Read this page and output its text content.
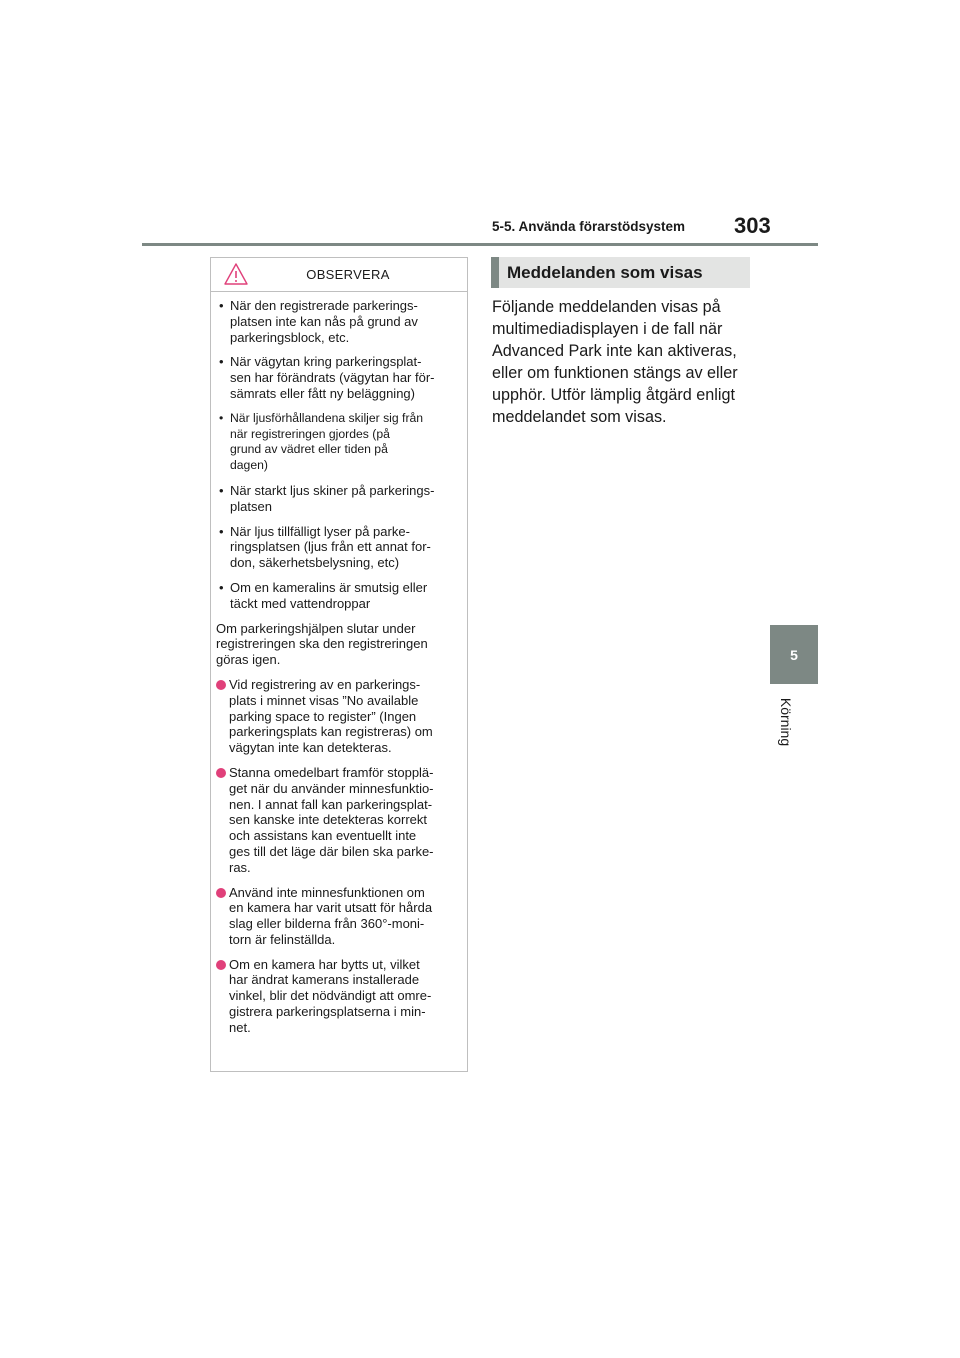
5-5. Använda förarstödsystem 303
5
Körning
OBSERVERA
• När den registrerade parkerings-
platsen inte kan nås på grund av
parkeringsblock, etc.
• När vägytan kring parkeringsplat-
sen har förändrats (vägytan har för-
sämrats eller fått ny beläggning)
• När ljusförhållandena skiljer sig från
när registreringen gjordes (på
grund av vädret eller tiden på
dagen)
• När starkt ljus skiner på parkerings-
platsen
• När ljus tillfälligt lyser på parke-
ringsplatsen (ljus från ett annat for-
don, säkerhetsbelysning, etc)
• Om en kameralins är smutsig eller
täckt med vattendroppar

Om parkeringshjälpen slutar under
registreringen ska den registreringen
göras igen.

Vid registrering av en parkerings-
plats i minnet visas ”No available
parking space to register” (Ingen
parkeringsplats kan registreras) om
vägytan inte kan detekteras.
Stanna omedelbart framför stopplä-
get när du använder minnesfunktio-
nen. I annat fall kan parkeringsplat-
sen kanske inte detekteras korrekt
och assistans kan eventuellt inte
ges till det läge där bilen ska parke-
ras.
Använd inte minnesfunktionen om
en kamera har varit utsatt för hårda
slag eller bilderna från 360°-moni-
torn är felinställda.
Om en kamera har bytts ut, vilket
har ändrat kamerans installerade
vinkel, blir det nödvändigt att omre-
gistrera parkeringsplatserna i min-
net.
Meddelanden som visas

Följande meddelanden visas på
multimediadisplayen i de fall när
Advanced Park inte kan aktiveras,
eller om funktionen stängs av eller
upphör. Utför lämplig åtgärd enligt
meddelandet som visas.
